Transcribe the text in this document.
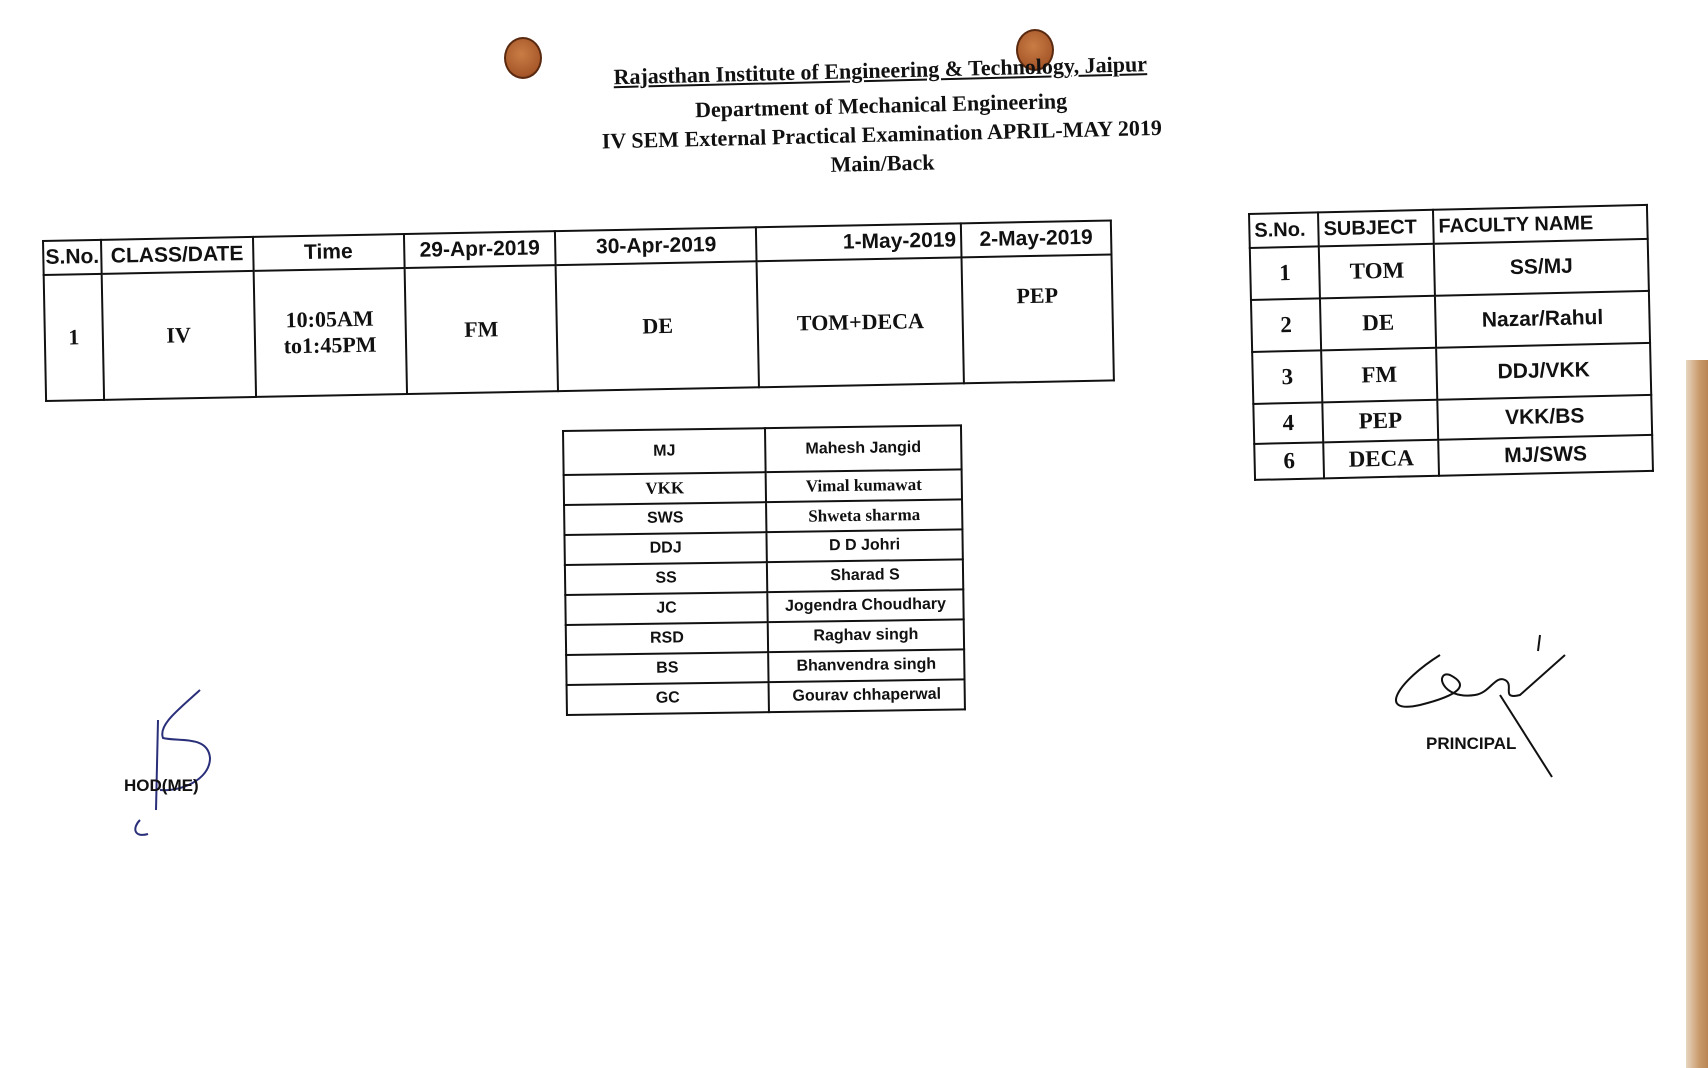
Rajasthan Institute of Engineering & Technology, Jaipur
Department of Mechanical Engineering
IV SEM External Practical Examination APRIL-MAY 2019
Main/Back
S.No.	CLASS/DATE	Time	29-Apr-2019	30-Apr-2019	1-May-2019	2-May-2019
1	IV	10:05AM
to1:45PM	FM	DE	TOM+DECA	PEP
S.No.	SUBJECT	FACULTY NAME
1	TOM	SS/MJ
2	DE	Nazar/Rahul
3	FM	DDJ/VKK
4	PEP	VKK/BS
6	DECA	MJ/SWS
MJ	Mahesh Jangid
VKK	Vimal kumawat
SWS	Shweta sharma
DDJ	D D Johri
SS	Sharad S
JC	Jogendra Choudhary
RSD	Raghav singh
BS	Bhanvendra singh
GC	Gourav chhaperwal
HOD(ME)
PRINCIPAL
